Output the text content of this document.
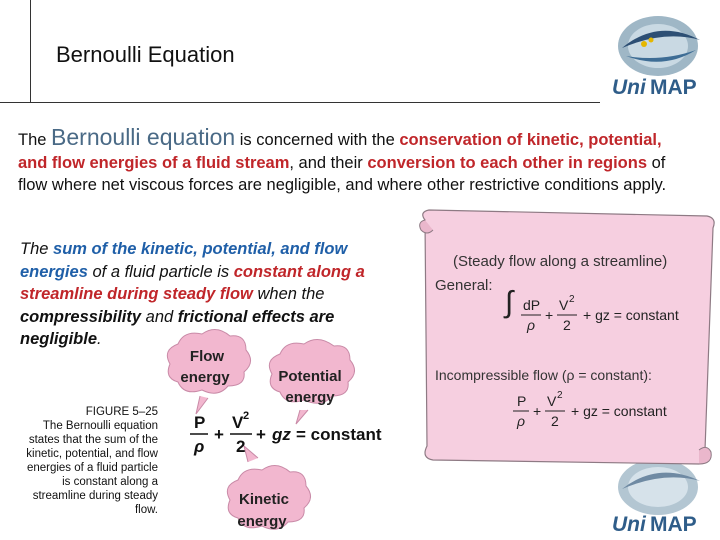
Bernoulli Equation
Uni MAP
Uni MAP
The Bernoulli equation is concerned with the conservation of kinetic, potential, and flow energies of a fluid stream, and their conversion to each other in regions of flow where net viscous forces are negligible, and where other restrictive conditions apply.
The sum of the kinetic, potential, and flow energies of a fluid particle is constant along a streamline during steady flow when the compressibility and frictional effects are negligible.
FIGURE 5–25
The Bernoulli equation states that the sum of the kinetic, potential, and flow energies of a fluid particle is constant along a streamline during steady flow.
Flow
energy	Potential
energy
Kinetic
energy
P
ρ
+
V 2
2
+ gz = constant
(Steady flow along a streamline)
General:
∫ dP
ρ
+
V 2
2
+ gz = constant
Incompressible flow (ρ = constant):
P
ρ
+
V 2
2
+ gz = constant
